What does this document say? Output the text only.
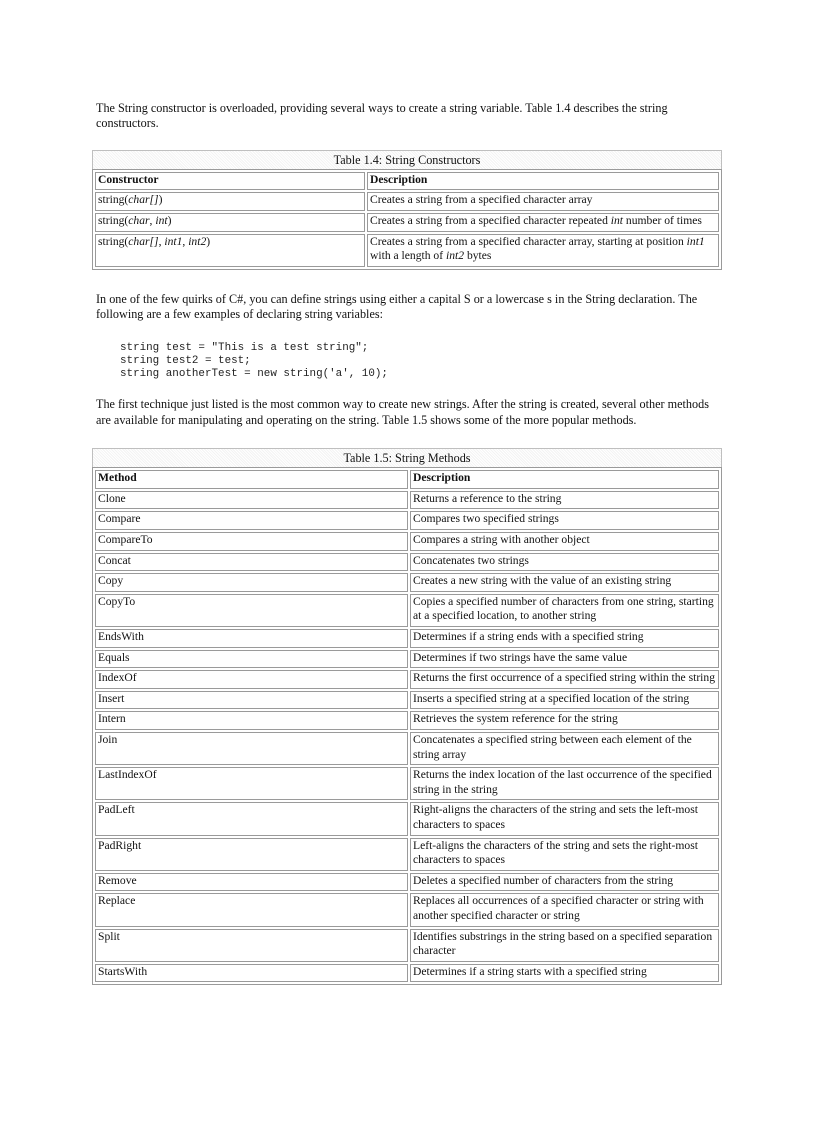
The String constructor is overloaded, providing several ways to create a string variable. Table 1.4 describes the string constructors.

Table 1.4: String Constructors
Constructor	Description
string(char[])	Creates a string from a specified character array
string(char, int)	Creates a string from a specified character repeated int number of times
string(char[], int1, int2)	Creates a string from a specified character array, starting at position int1 with a length of int2 bytes

In one of the few quirks of C#, you can define strings using either a capital S or a lowercase s in the String declaration. The following are a few examples of declaring string variables:

string test = "This is a test string";
string test2 = test;
string anotherTest = new string('a', 10);

The first technique just listed is the most common way to create new strings. After the string is created, several other methods are available for manipulating and operating on the string. Table 1.5 shows some of the more popular methods.

Table 1.5: String Methods
Method	Description
Clone	Returns a reference to the string
Compare	Compares two specified strings
CompareTo	Compares a string with another object
Concat	Concatenates two strings
Copy	Creates a new string with the value of an existing string
CopyTo	Copies a specified number of characters from one string, starting at a specified location, to another string
EndsWith	Determines if a string ends with a specified string
Equals	Determines if two strings have the same value
IndexOf	Returns the first occurrence of a specified string within the string
Insert	Inserts a specified string at a specified location of the string
Intern	Retrieves the system reference for the string
Join	Concatenates a specified string between each element of the string array
LastIndexOf	Returns the index location of the last occurrence of the specified string in the string
PadLeft	Right-aligns the characters of the string and sets the left-most characters to spaces
PadRight	Left-aligns the characters of the string and sets the right-most characters to spaces
Remove	Deletes a specified number of characters from the string
Replace	Replaces all occurrences of a specified character or string with another specified character or string
Split	Identifies substrings in the string based on a specified separation character
StartsWith	Determines if a string starts with a specified string
